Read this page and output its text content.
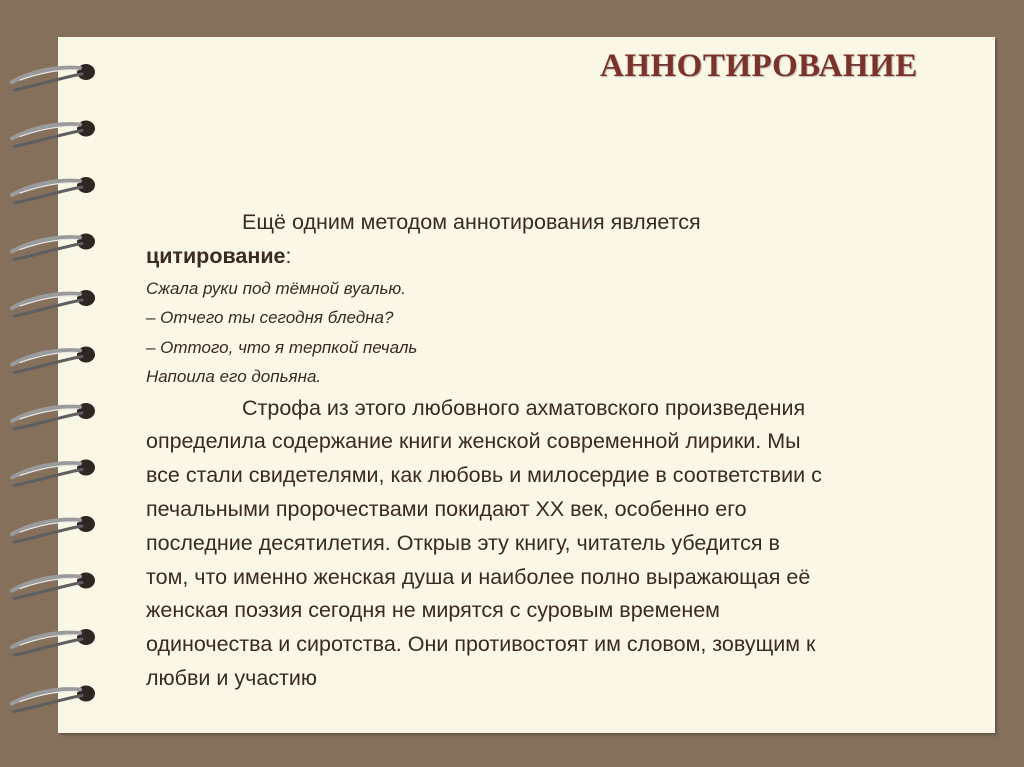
АННОТИРОВАНИЕ
Ещё одним методом аннотирования является
цитирование:
Сжала руки под тёмной вуалью.
– Отчего ты сегодня бледна?
– Оттого, что я терпкой печаль
Напоила его допьяна.
Строфа из этого любовного ахматовского произведения
определила содержание книги женской современной лирики. Мы
все стали свидетелями, как любовь и милосердие в соответствии с
печальными пророчествами покидают XX век, особенно его
последние десятилетия. Открыв эту книгу, читатель убедится в
том, что именно женская душа и наиболее полно выражающая её
женская поэзия сегодня не мирятся с суровым временем
одиночества и сиротства. Они противостоят им словом, зовущим к
любви и участию
